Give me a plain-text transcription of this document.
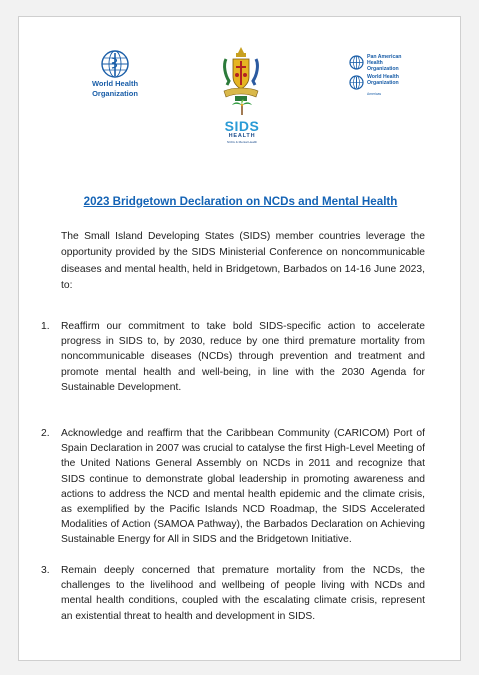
World Health
Organization
SIDS
HEALTH
NCDs & Mental Health
Pan American
Health
Organization
World Health
Organization
Americas
2023 Bridgetown Declaration on NCDs and Mental Health
The Small Island Developing States (SIDS) member countries leverage the opportunity provided by the SIDS Ministerial Conference on noncommunicable diseases and mental health, held in Bridgetown, Barbados on 14-16 June 2023, to:
1.	Reaffirm our commitment to take bold SIDS-specific action to accelerate progress in SIDS to, by 2030, reduce by one third premature mortality from noncommunicable diseases (NCDs) through prevention and treatment and promote mental health and well-being, in line with the 2030 Agenda for Sustainable Development.
2.	Acknowledge and reaffirm that the Caribbean Community (CARICOM) Port of Spain Declaration in 2007 was crucial to catalyse the first High-Level Meeting of the United Nations General Assembly on NCDs in 2011 and recognize that SIDS continue to demonstrate global leadership in promoting awareness and actions to address the NCD and mental health epidemic and the climate crisis, as exemplified by the Pacific Islands NCD Roadmap, the SIDS Accelerated Modalities of Action (SAMOA Pathway), the Barbados Declaration on Achieving Sustainable Energy for All in SIDS and the Bridgetown Initiative.
3.	Remain deeply concerned that premature mortality from the NCDs, the challenges to the livelihood and wellbeing of people living with NCDs and mental health conditions, coupled with the escalating climate crisis, represent an existential threat to health and development in SIDS.
